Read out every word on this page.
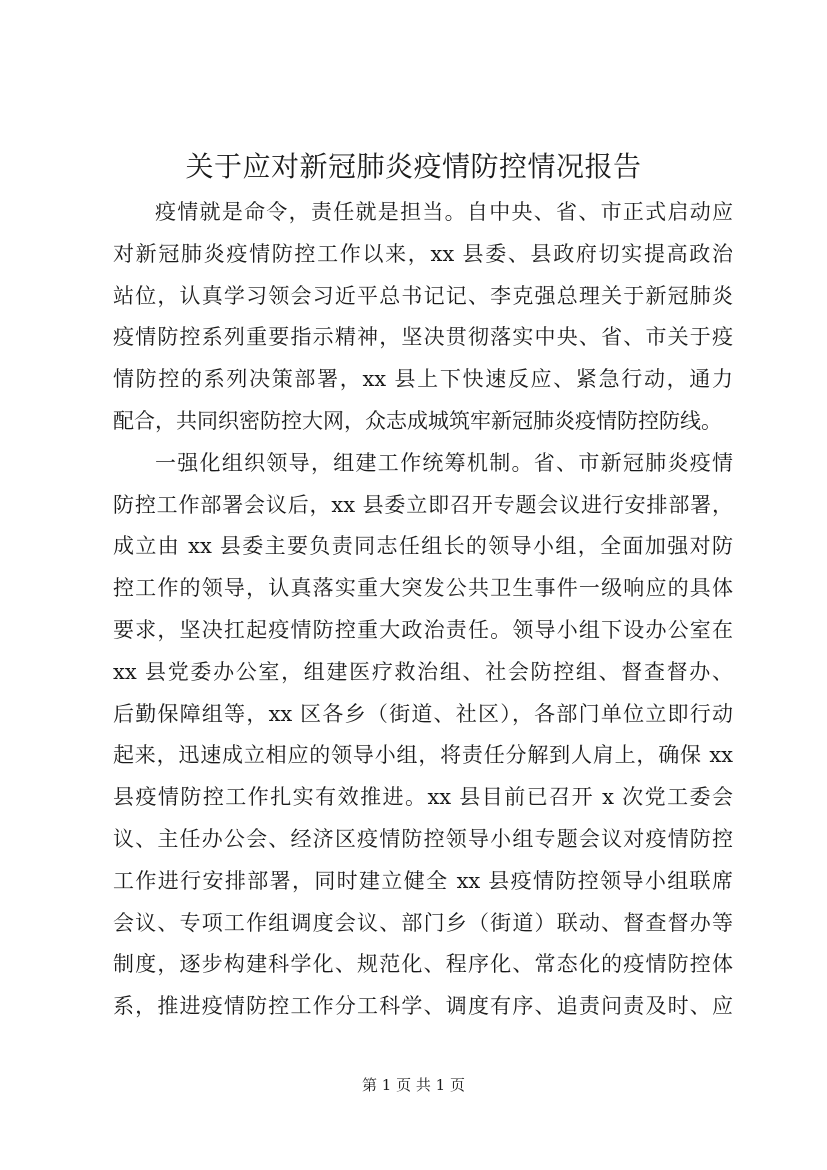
关于应对新冠肺炎疫情防控情况报告
疫情就是命令，责任就是担当。自中央、省、市正式启动应
对新冠肺炎疫情防控工作以来，xx 县委、县政府切实提高政治
站位，认真学习领会习近平总书记记、李克强总理关于新冠肺炎
疫情防控系列重要指示精神，坚决贯彻落实中央、省、市关于疫
情防控的系列决策部署，xx 县上下快速反应、紧急行动，通力
配合，共同织密防控大网，众志成城筑牢新冠肺炎疫情防控防线。
一强化组织领导，组建工作统筹机制。省、市新冠肺炎疫情
防控工作部署会议后，xx 县委立即召开专题会议进行安排部署，
成立由 xx 县委主要负责同志任组长的领导小组，全面加强对防
控工作的领导，认真落实重大突发公共卫生事件一级响应的具体
要求，坚决扛起疫情防控重大政治责任。领导小组下设办公室在
xx 县党委办公室，组建医疗救治组、社会防控组、督查督办、
后勤保障组等，xx 区各乡（街道、社区），各部门单位立即行动
起来，迅速成立相应的领导小组，将责任分解到人肩上，确保 xx
县疫情防控工作扎实有效推进。xx 县目前已召开 x 次党工委会
议、主任办公会、经济区疫情防控领导小组专题会议对疫情防控
工作进行安排部署，同时建立健全 xx 县疫情防控领导小组联席
会议、专项工作组调度会议、部门乡（街道）联动、督查督办等
制度，逐步构建科学化、规范化、程序化、常态化的疫情防控体
系，推进疫情防控工作分工科学、调度有序、追责问责及时、应
第 1 页 共 1 页
